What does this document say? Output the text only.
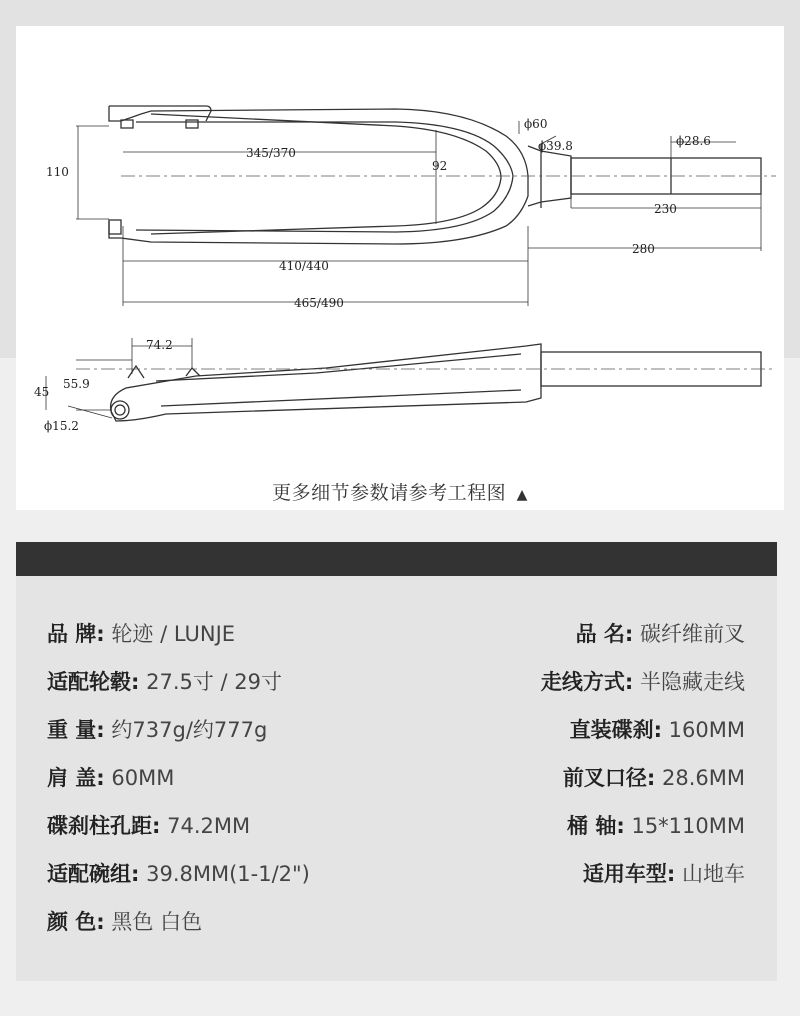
110
345/370
92
ϕ60
ϕ39.8	ϕ28.6
230
280
410/440
465/490
74.2
55.9
45
ϕ15.2
更多细节参数请参考工程图 ▲
品 牌: 轮迹 / LUNJE
适配轮毂: 27.5寸 / 29寸
重 量: 约737g/约777g
肩 盖: 60MM
碟刹柱孔距: 74.2MM
适配碗组: 39.8MM(1-1/2")
颜 色: 黑色 白色
品 名: 碳纤维前叉
走线方式: 半隐藏走线
直装碟刹: 160MM
前叉口径: 28.6MM
桶 轴: 15*110MM
适用车型: 山地车
